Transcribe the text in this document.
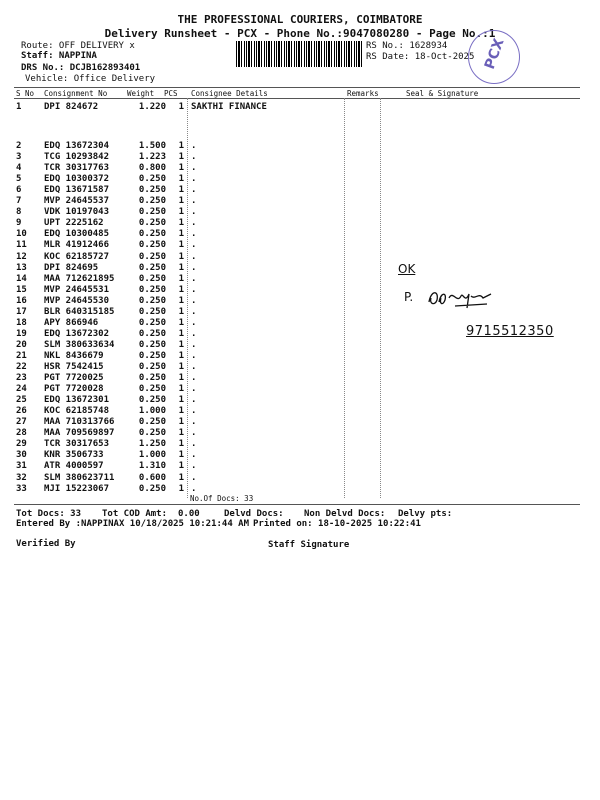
THE PROFESSIONAL COURIERS, COIMBATORE
Delivery Runsheet - PCX - Phone No.:9047080280 - Page No.:1
Route: OFF DELIVERY x
Staff: NAPPINA
DRS No.: DCJB162893401
Vehicle: Office Delivery
RS No.: 1628934
RS Date: 18-Oct-2025 PCX
S No Consignment No	Weight PCS Consignee Details	Remarks	Seal & Signature
1	DPI 824672	1.220	1 SAKTHI FINANCE
2	EDQ 13672304	1.500	1 .
3	TCG 10293842	1.223	1 .
4	TCR 30317763	0.800	1 .
5	EDQ 10300372	0.250	1 .
6	EDQ 13671587	0.250	1 .
7	MVP 24645537	0.250	1 .
8	VDK 10197043	0.250	1 .
9	UPT 2225162	0.250	1 .
10 EDQ 10300485	0.250	1 .
11 MLR 41912466	0.250	1 .
12 KOC 62185727	0.250	1 .
13 DPI 824695	0.250	1 .
14 MAA 712621895	0.250	1 .
15 MVP 24645531	0.250	1 .
16 MVP 24645530	0.250	1 .
17 BLR 640315185	0.250	1 .
18 APY 866946	0.250	1 .
19 EDQ 13672302	0.250	1 .
20 SLM 380633634	0.250	1 .
21 NKL 8436679	0.250	1 .
22 HSR 7542415	0.250	1 .
23 PGT 7720025	0.250	1 .
24 PGT 7720028	0.250	1 .
25 EDQ 13672301	0.250	1 .
26 KOC 62185748	1.000	1 .
27 MAA 710313766	0.250	1 .
28 MAA 709569897	0.250	1 .
29 TCR 30317653	1.250	1 .
30 KNR 3506733	1.000	1 .
31 ATR 4000597	1.310	1 .
32 SLM 380623711	0.600	1 .
33 MJI 15223067	0.250	1 .
No.Of Docs: 33
OK
P.
9715512350
Tot Docs: 33 Tot COD Amt: 0.00	Delvd Docs: Non Delvd Docs: Delvy pts:
Entered By :NAPPINAX 10/18/2025 10:21:44 AM Printed on: 18-10-2025 10:22:41
Verified By	Staff Signature
